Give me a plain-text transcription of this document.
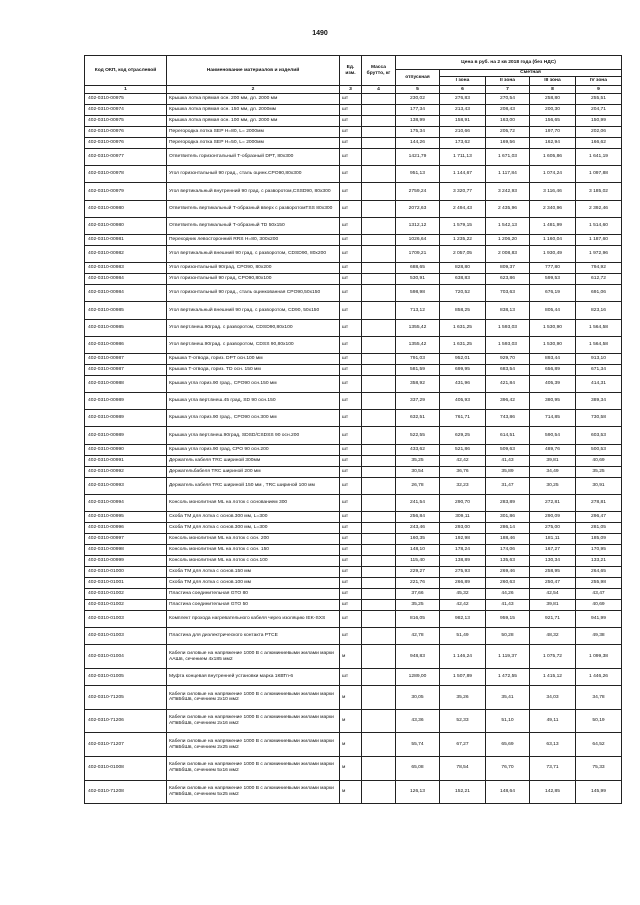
1490
Код ОКП, код отраслевой	Наименование материалов и изделий	Ед. изм.	Масса брутто, кг	Цена в руб. на 2 кв 2018 года (без НДС)				
				отпускная	Сметная			
					I зона	II зона	III зона	IV зона
1	2	3	4	5	6	7	8	9
402-0310-00975	Крышка лотка прямая осн. 200 мм, дл. 2000 мм	шт		230,02	276,83	270,54	258,80	255,51
402-0310-00974	Крышка лотка прямая осн. 150 мм, дл. 2000мм	шт		177,34	213,43	208,43	200,30	204,71
402-0310-00975	Крышка лотка прямая осн. 100 мм, дл. 2000 мм	шт		138,99	158,91	163,00	156,65	150,99
402-0310-00976	Перегородка лотка SEP H=80, L= 2000мм	шт		175,34	210,66	205,72	197,70	202,06
402-0310-00976	Перегородка лотка SEP H=50, L= 2000мм	шт		144,26	173,62	169,56	162,94	166,62
402-0310-00977	Ответвитель горизонтальный Т-образный DPT, 80x300	шт		1421,79	1 711,13	1 671,03	1 605,86	1 641,19
402-0310-00978	Угол горизонтальный 90 град., сталь оцинк.CPO90,80x300	шт		951,13	1 144,67	1 117,84	1 074,24	1 097,88
402-0310-00979	Угол вертикальный внутренний 90 град. с разворотом,CSSD90, 80x300	шт		2759,24	3 320,77	3 242,93	3 116,46	3 185,02
402-0310-00980	Ответвитель вертикальный Т-образный вверх с разворотомTSS 80x300	шт		2072,63	2 494,43	2 435,96	2 340,96	2 392,46
402-0310-00980	Ответвитель вертикальный Т-образный TD 50x150	шт		1312,12	1 579,15	1 542,13	1 481,99	1 514,60
402-0310-00981	Переходник левосторонний RRS H=80, 300x200	шт		1026,64	1 235,22	1 206,20	1 160,04	1 187,60
402-0310-00982	Угол вертикальный внешний 90 град. с разворотом, CDSD90, 80x200	шт		1709,21	2 057,05	2 008,83	1 930,49	1 972,96
402-0310-00983	Угол горизонтальный 90град, CPO90, 80x200	шт		688,65	828,80	809,37	777,80	794,92
402-0310-00984	Угол горизонтальный 90 град, CPO90,80x100	шт		530,91	638,83	623,86	599,53	612,72
402-0310-00984	Угол горизонтальный 90 град., сталь оцинкованная CPO90,50x150	шт		598,98	720,52	703,63	676,19	691,06
402-0310-00985	Угол вертикальный внешний 90 град. с разворотом, CD90, 50x150	шт		713,12	858,25	838,13	805,44	823,16
402-0310-00985	Угол верт.внеш.90град. с разворотом, CDSD90,80x100	шт		1355,42	1 631,25	1 593,03	1 530,90	1 564,58
402-0310-00986	Угол верт.внеш.90град. с разворотом, CDSS 90,80x100	шт		1355,42	1 631,25	1 593,03	1 530,90	1 564,58
402-0310-00987	Крышка Т-отвода, гориз. DPT осн.100 мм	шт		791,03	952,01	929,70	893,44	913,10
402-0310-00987	Крышка Т-отвода, гориз. TD осн. 150 мм	шт		581,59	699,95	683,54	656,89	671,34
402-0310-00988	Крышка угла гориз.90 град., CPO90 осн.150 мм	шт		358,92	431,96	421,84	405,39	414,31
402-0310-00989	Крышка угла верт.внеш.45 град, SD 90 осн.150	шт		337,29	405,93	396,42	380,95	389,34
402-0310-00989	Крышка угла гориз.90 град., CPO90 осн.300 мм	шт		632,51	761,71	743,86	714,85	730,58
402-0310-00989	Крышка угла верт.внеш.90град, SDSD/CSDSS 90 осн.200	шт		522,55	629,25	614,51	590,54	603,53
402-0310-00990	Крышка угла гориз.90 град, CPO 90 осн.200	шт		433,62	521,86	509,63	489,76	500,53
402-0310-00991	Держатель кабеля TRC шириной 300мм	шт		35,25	42,42	41,43	39,81	40,69
402-0310-00992	Держательбабеля TRC шириной 200 мм	шт		30,54	36,76	35,89	34,49	35,25
402-0310-00993	Держатель кабеля TRC шириной 150 мм , TRC шириной 100 мм	шт		26,78	32,23	31,47	30,25	30,91
402-0310-00994	Консоль монолитная ML на лоток с основанием 300	шт		241,54	290,70	283,89	272,81	278,81
402-0310-00995	Скоба TM для лотка с основ.300 мм, L=300	шт		256,84	309,11	301,86	290,09	296,47
402-0310-00996	Скоба TM для лотка с основ.300 мм, L=300	шт		243,46	293,00	286,14	275,00	281,05
402-0310-00997	Консоль монолитная ML на лоток с осн. 200	шт		160,35	192,98	188,46	181,11	185,09
402-0310-00998	Консоль монолитная ML на лоток с осн. 150	шт		148,10	178,24	174,06	167,27	170,95
402-0310-00999	Консоль монолитная ML на лоток с осн.100	шт		115,40	138,89	135,63	130,34	133,21
402-0310-01000	Скоба TM для лотка с основ.150 мм	шт		229,27	275,93	269,46	258,95	264,65
402-0310-01001	Скоба TM для лотка с основ.100 мм	шт		221,76	266,89	260,63	250,47	255,98
402-0310-01002	Пластина соединительная GTO 80	шт		37,66	45,32	44,26	42,54	43,47
402-0310-01002	Пластина соединительная GTO 50	шт		35,25	42,42	41,43	39,81	40,69
402-0310-01003	Комплект прохода нагревательного кабеля через изоляцию IEK-SXS	шт		816,05	982,13	959,15	921,71	941,99
402-0310-01003	Пластина для диэлектрического контакта PTCE	шт		42,78	51,49	50,28	48,32	49,38
402-0310-01004	Кабели силовые на напряжение 1000 В с алюминиевыми жилами марки ААШв, сечением 4x185 мм2	м		948,83	1 146,24	1 119,37	1 075,72	1 099,38
402-0310-01005	Муфта концевая внутренней установки марка 1КВТп-6	шт		1289,00	1 507,89	1 472,55	1 415,12	1 446,26
402-0310-71205	Кабели силовые на напряжение 1000 В с алюминиевыми жилами марки АПвБбШв, сечением 2x10 мм2	м		30,05	35,26	35,41	34,03	34,78
402-0310-71206	Кабели силовые на напряжение 1000 В с алюминиевыми жилами марки АПвБбШв, сечением 2x16 мм2	м		43,36	52,33	51,10	49,11	50,19
402-0310-71207	Кабели силовые на напряжение 1000 В с алюминиевыми жилами марки АПвБбШв, сечением 2x25 мм2	м		55,74	67,27	65,69	63,13	64,52
402-0310-01008	Кабели силовые на напряжение 1000 В с алюминиевыми жилами марки АПвБбШв, сечением 5x16 мм2	м		65,08	78,54	76,70	73,71	75,33
402-0310-71208	Кабели силовые на напряжение 1000 В с алюминиевыми жилами марки АПвБбШв, сечением 5x25 мм2	м		126,13	152,21	148,64	142,85	145,99
